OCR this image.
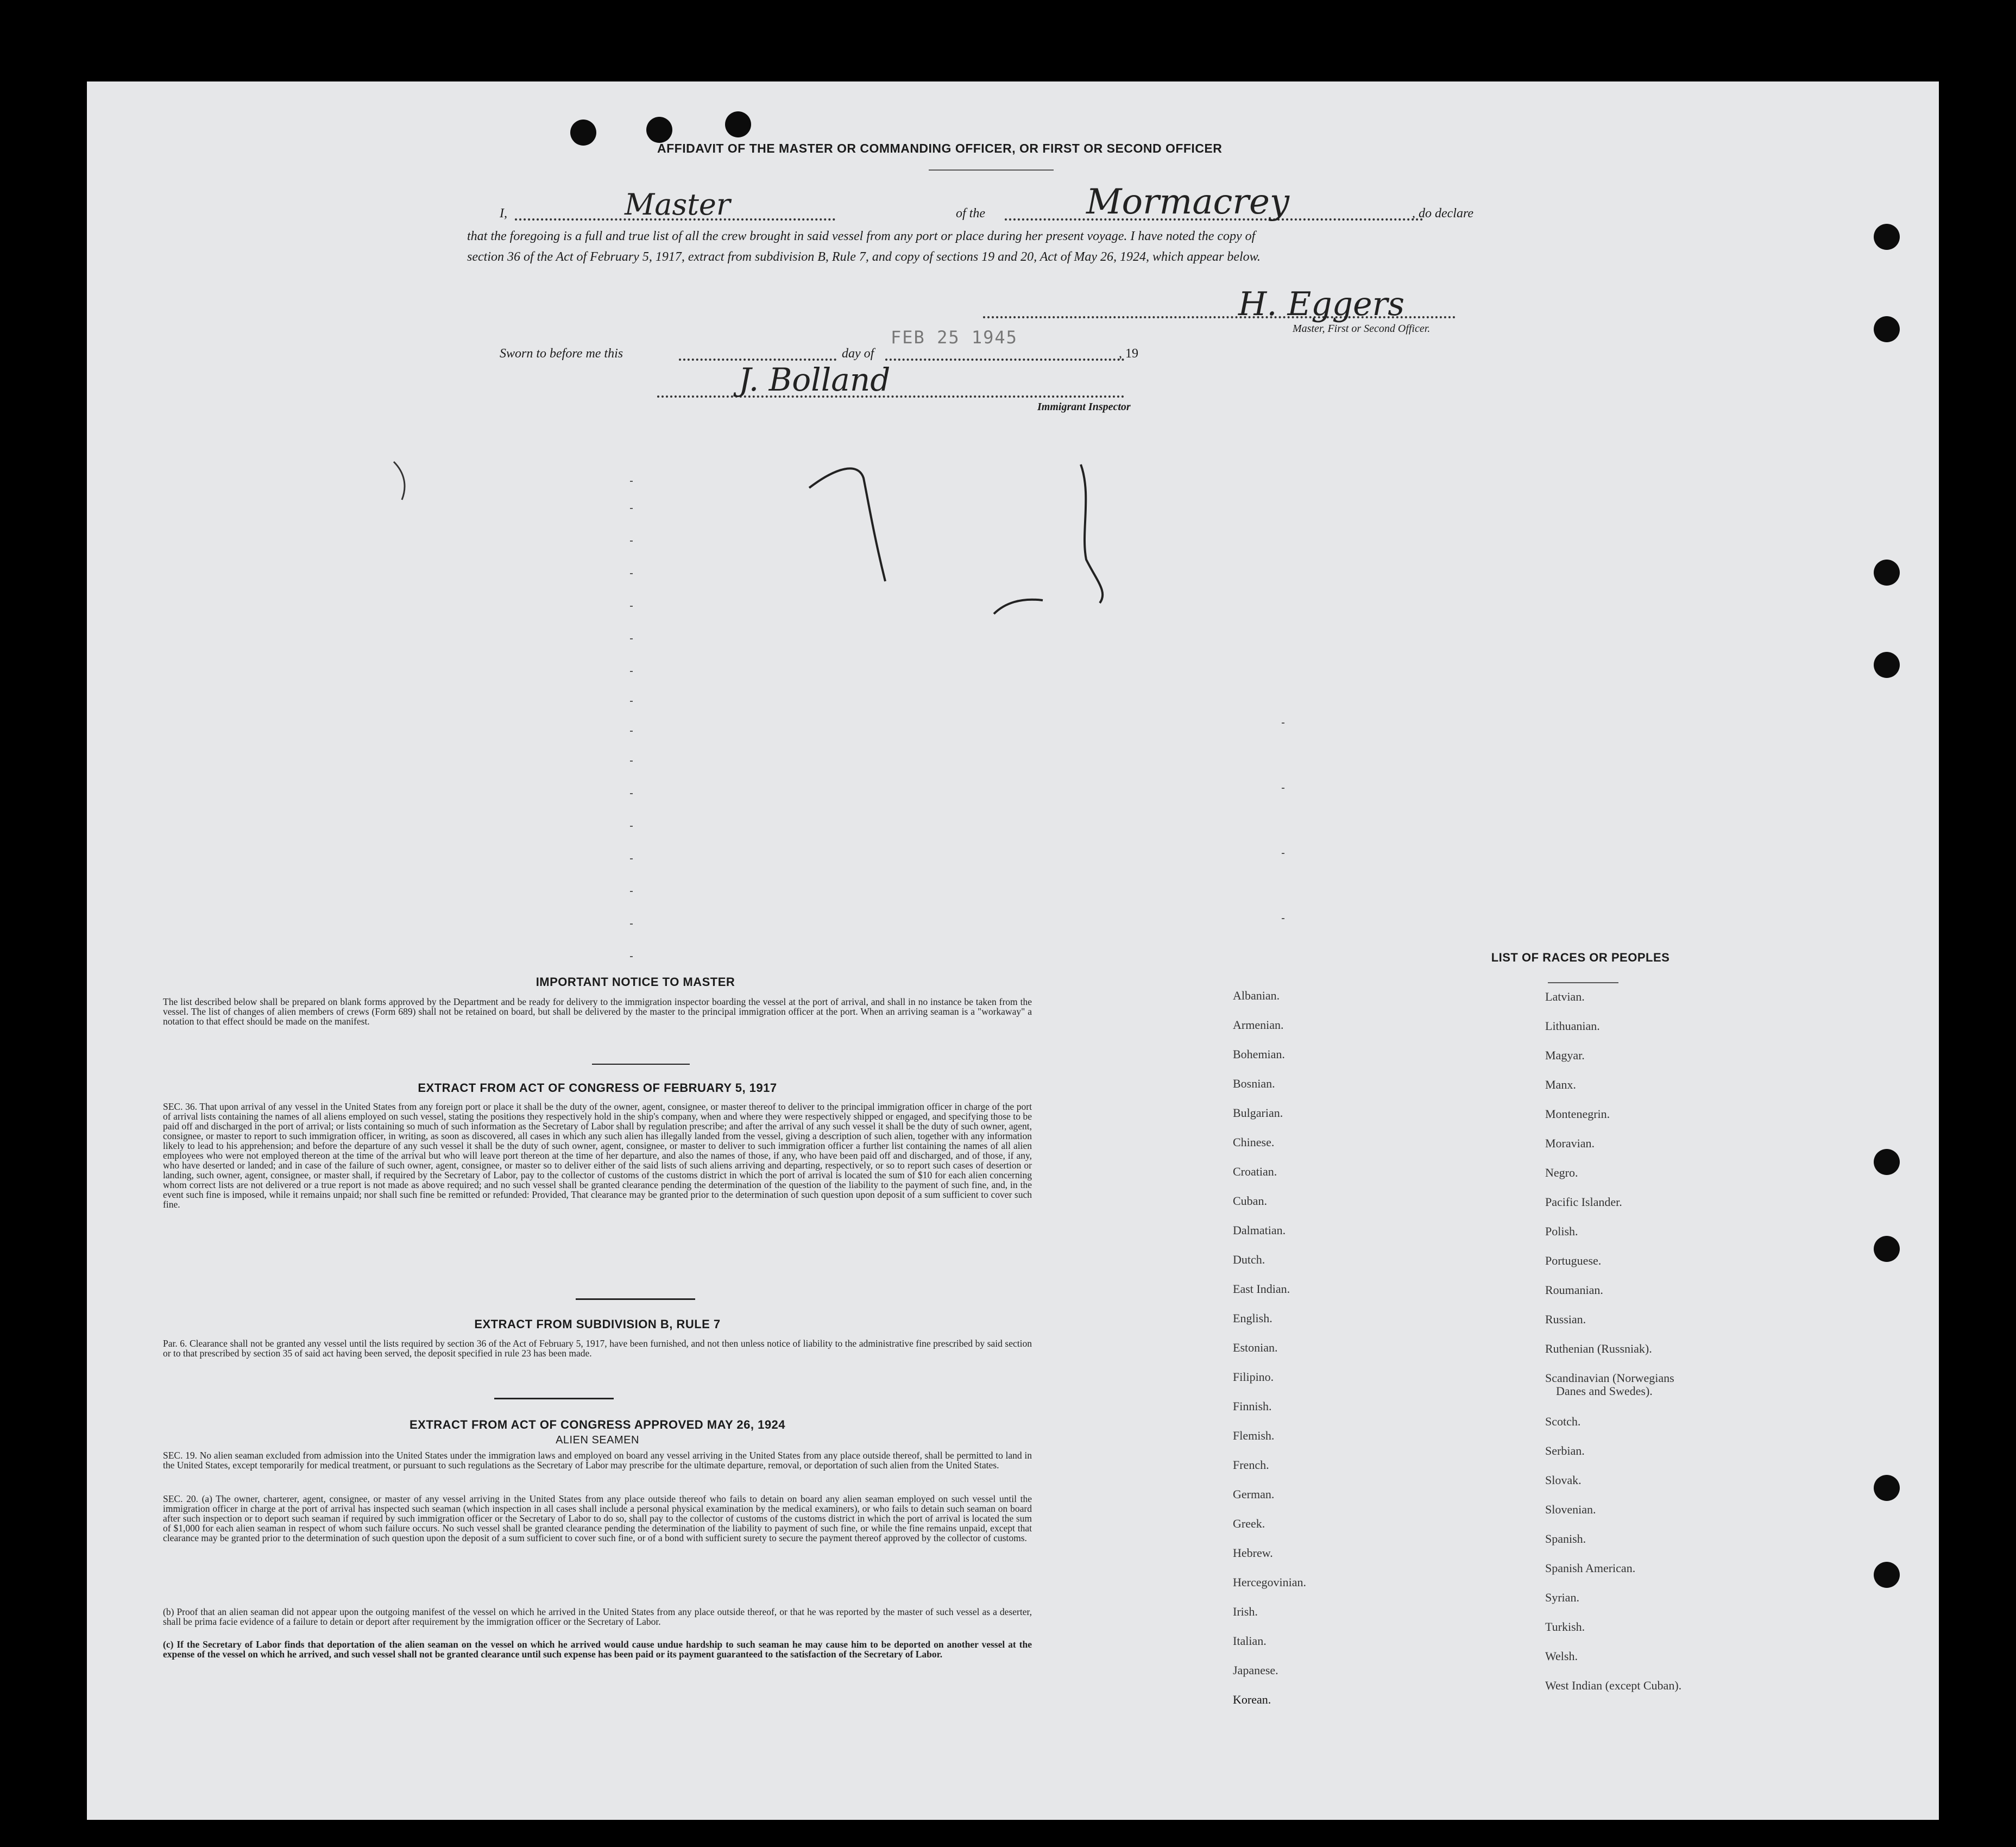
AFFIDAVIT OF THE MASTER OR COMMANDING OFFICER, OR FIRST OR SECOND OFFICER
I,	Master	of the	Mormacrey	, do declare
that the foregoing is a full and true list of all the crew brought in said vessel from any port or place during her present voyage. I have noted the copy of
section 36 of the Act of February 5, 1917, extract from subdivision B, Rule 7, and copy of sections 19 and 20, Act of May 26, 1924, which appear below.
H. Eggers
Master, First or Second Officer.
Sworn to before me this	day of
FEB 25 1945
, 19
J. Bolland
Immigrant Inspector
IMPORTANT NOTICE TO MASTER
The list described below shall be prepared on blank forms approved by the Department and be ready for delivery to the immigration inspector boarding the vessel at the port of arrival, and shall in no instance be taken from the vessel. The list of changes of alien members of crews (Form 689) shall not be retained on board, but shall be delivered by the master to the principal immigration officer at the port. When an arriving seaman is a "workaway" a notation to that effect should be made on the manifest.
EXTRACT FROM ACT OF CONGRESS OF FEBRUARY 5, 1917
SEC. 36. That upon arrival of any vessel in the United States from any foreign port or place it shall be the duty of the owner, agent, consignee, or master thereof to deliver to the principal immigration officer in charge of the port of arrival lists containing the names of all aliens employed on such vessel, stating the positions they respectively hold in the ship's company, when and where they were respectively shipped or engaged, and specifying those to be paid off and discharged in the port of arrival; or lists containing so much of such information as the Secretary of Labor shall by regulation prescribe; and after the arrival of any such vessel it shall be the duty of such owner, agent, consignee, or master to report to such immigration officer, in writing, as soon as discovered, all cases in which any such alien has illegally landed from the vessel, giving a description of such alien, together with any information likely to lead to his apprehension; and before the departure of any such vessel it shall be the duty of such owner, agent, consignee, or master to deliver to such immigration officer a further list containing the names of all alien employees who were not employed thereon at the time of the arrival but who will leave port thereon at the time of her departure, and also the names of those, if any, who have been paid off and discharged, and of those, if any, who have deserted or landed; and in case of the failure of such owner, agent, consignee, or master so to deliver either of the said lists of such aliens arriving and departing, respectively, or so to report such cases of desertion or landing, such owner, agent, consignee, or master shall, if required by the Secretary of Labor, pay to the collector of customs of the customs district in which the port of arrival is located the sum of $10 for each alien concerning whom correct lists are not delivered or a true report is not made as above required; and no such vessel shall be granted clearance pending the determination of the question of the liability to the payment of such fine, and, in the event such fine is imposed, while it remains unpaid; nor shall such fine be remitted or refunded: Provided, That clearance may be granted prior to the determination of such question upon deposit of a sum sufficient to cover such fine.
EXTRACT FROM SUBDIVISION B, RULE 7
Par. 6. Clearance shall not be granted any vessel until the lists required by section 36 of the Act of February 5, 1917, have been furnished, and not then unless notice of liability to the administrative fine prescribed by said section or to that prescribed by section 35 of said act having been served, the deposit specified in rule 23 has been made.
EXTRACT FROM ACT OF CONGRESS APPROVED MAY 26, 1924
ALIEN SEAMEN
SEC. 19. No alien seaman excluded from admission into the United States under the immigration laws and employed on board any vessel arriving in the United States from any place outside thereof, shall be permitted to land in the United States, except temporarily for medical treatment, or pursuant to such regulations as the Secretary of Labor may prescribe for the ultimate departure, removal, or deportation of such alien from the United States.
SEC. 20. (a) The owner, charterer, agent, consignee, or master of any vessel arriving in the United States from any place outside thereof who fails to detain on board any alien seaman employed on such vessel until the immigration officer in charge at the port of arrival has inspected such seaman (which inspection in all cases shall include a personal physical examination by the medical examiners), or who fails to detain such seaman on board after such inspection or to deport such seaman if required by such immigration officer or the Secretary of Labor to do so, shall pay to the collector of customs of the customs district in which the port of arrival is located the sum of $1,000 for each alien seaman in respect of whom such failure occurs. No such vessel shall be granted clearance pending the determination of the liability to payment of such fine, or while the fine remains unpaid, except that clearance may be granted prior to the determination of such question upon the deposit of a sum sufficient to cover such fine, or of a bond with sufficient surety to secure the payment thereof approved by the collector of customs.
(b) Proof that an alien seaman did not appear upon the outgoing manifest of the vessel on which he arrived in the United States from any place outside thereof, or that he was reported by the master of such vessel as a deserter, shall be prima facie evidence of a failure to detain or deport after requirement by the immigration officer or the Secretary of Labor.
(c) If the Secretary of Labor finds that deportation of the alien seaman on the vessel on which he arrived would cause undue hardship to such seaman he may cause him to be deported on another vessel at the expense of the vessel on which he arrived, and such vessel shall not be granted clearance until such expense has been paid or its payment guaranteed to the satisfaction of the Secretary of Labor.
LIST OF RACES OR PEOPLES
Albanian.
Armenian.
Bohemian.
Bosnian.
Bulgarian.
Chinese.
Croatian.
Cuban.
Dalmatian.
Dutch.
East Indian.
English.
Estonian.
Filipino.
Finnish.
Flemish.
French.
German.
Greek.
Hebrew.
Hercegovinian.
Irish.
Italian.
Japanese.
Korean.
Latvian.
Lithuanian.
Magyar.
Manx.
Montenegrin.
Moravian.
Negro.
Pacific Islander.
Polish.
Portuguese.
Roumanian.
Russian.
Ruthenian (Russniak).
Scandinavian (Norwegians
Danes and Swedes).
Scotch.
Serbian.
Slovak.
Slovenian.
Spanish.
Spanish American.
Syrian.
Turkish.
Welsh.
West Indian (except Cuban).
